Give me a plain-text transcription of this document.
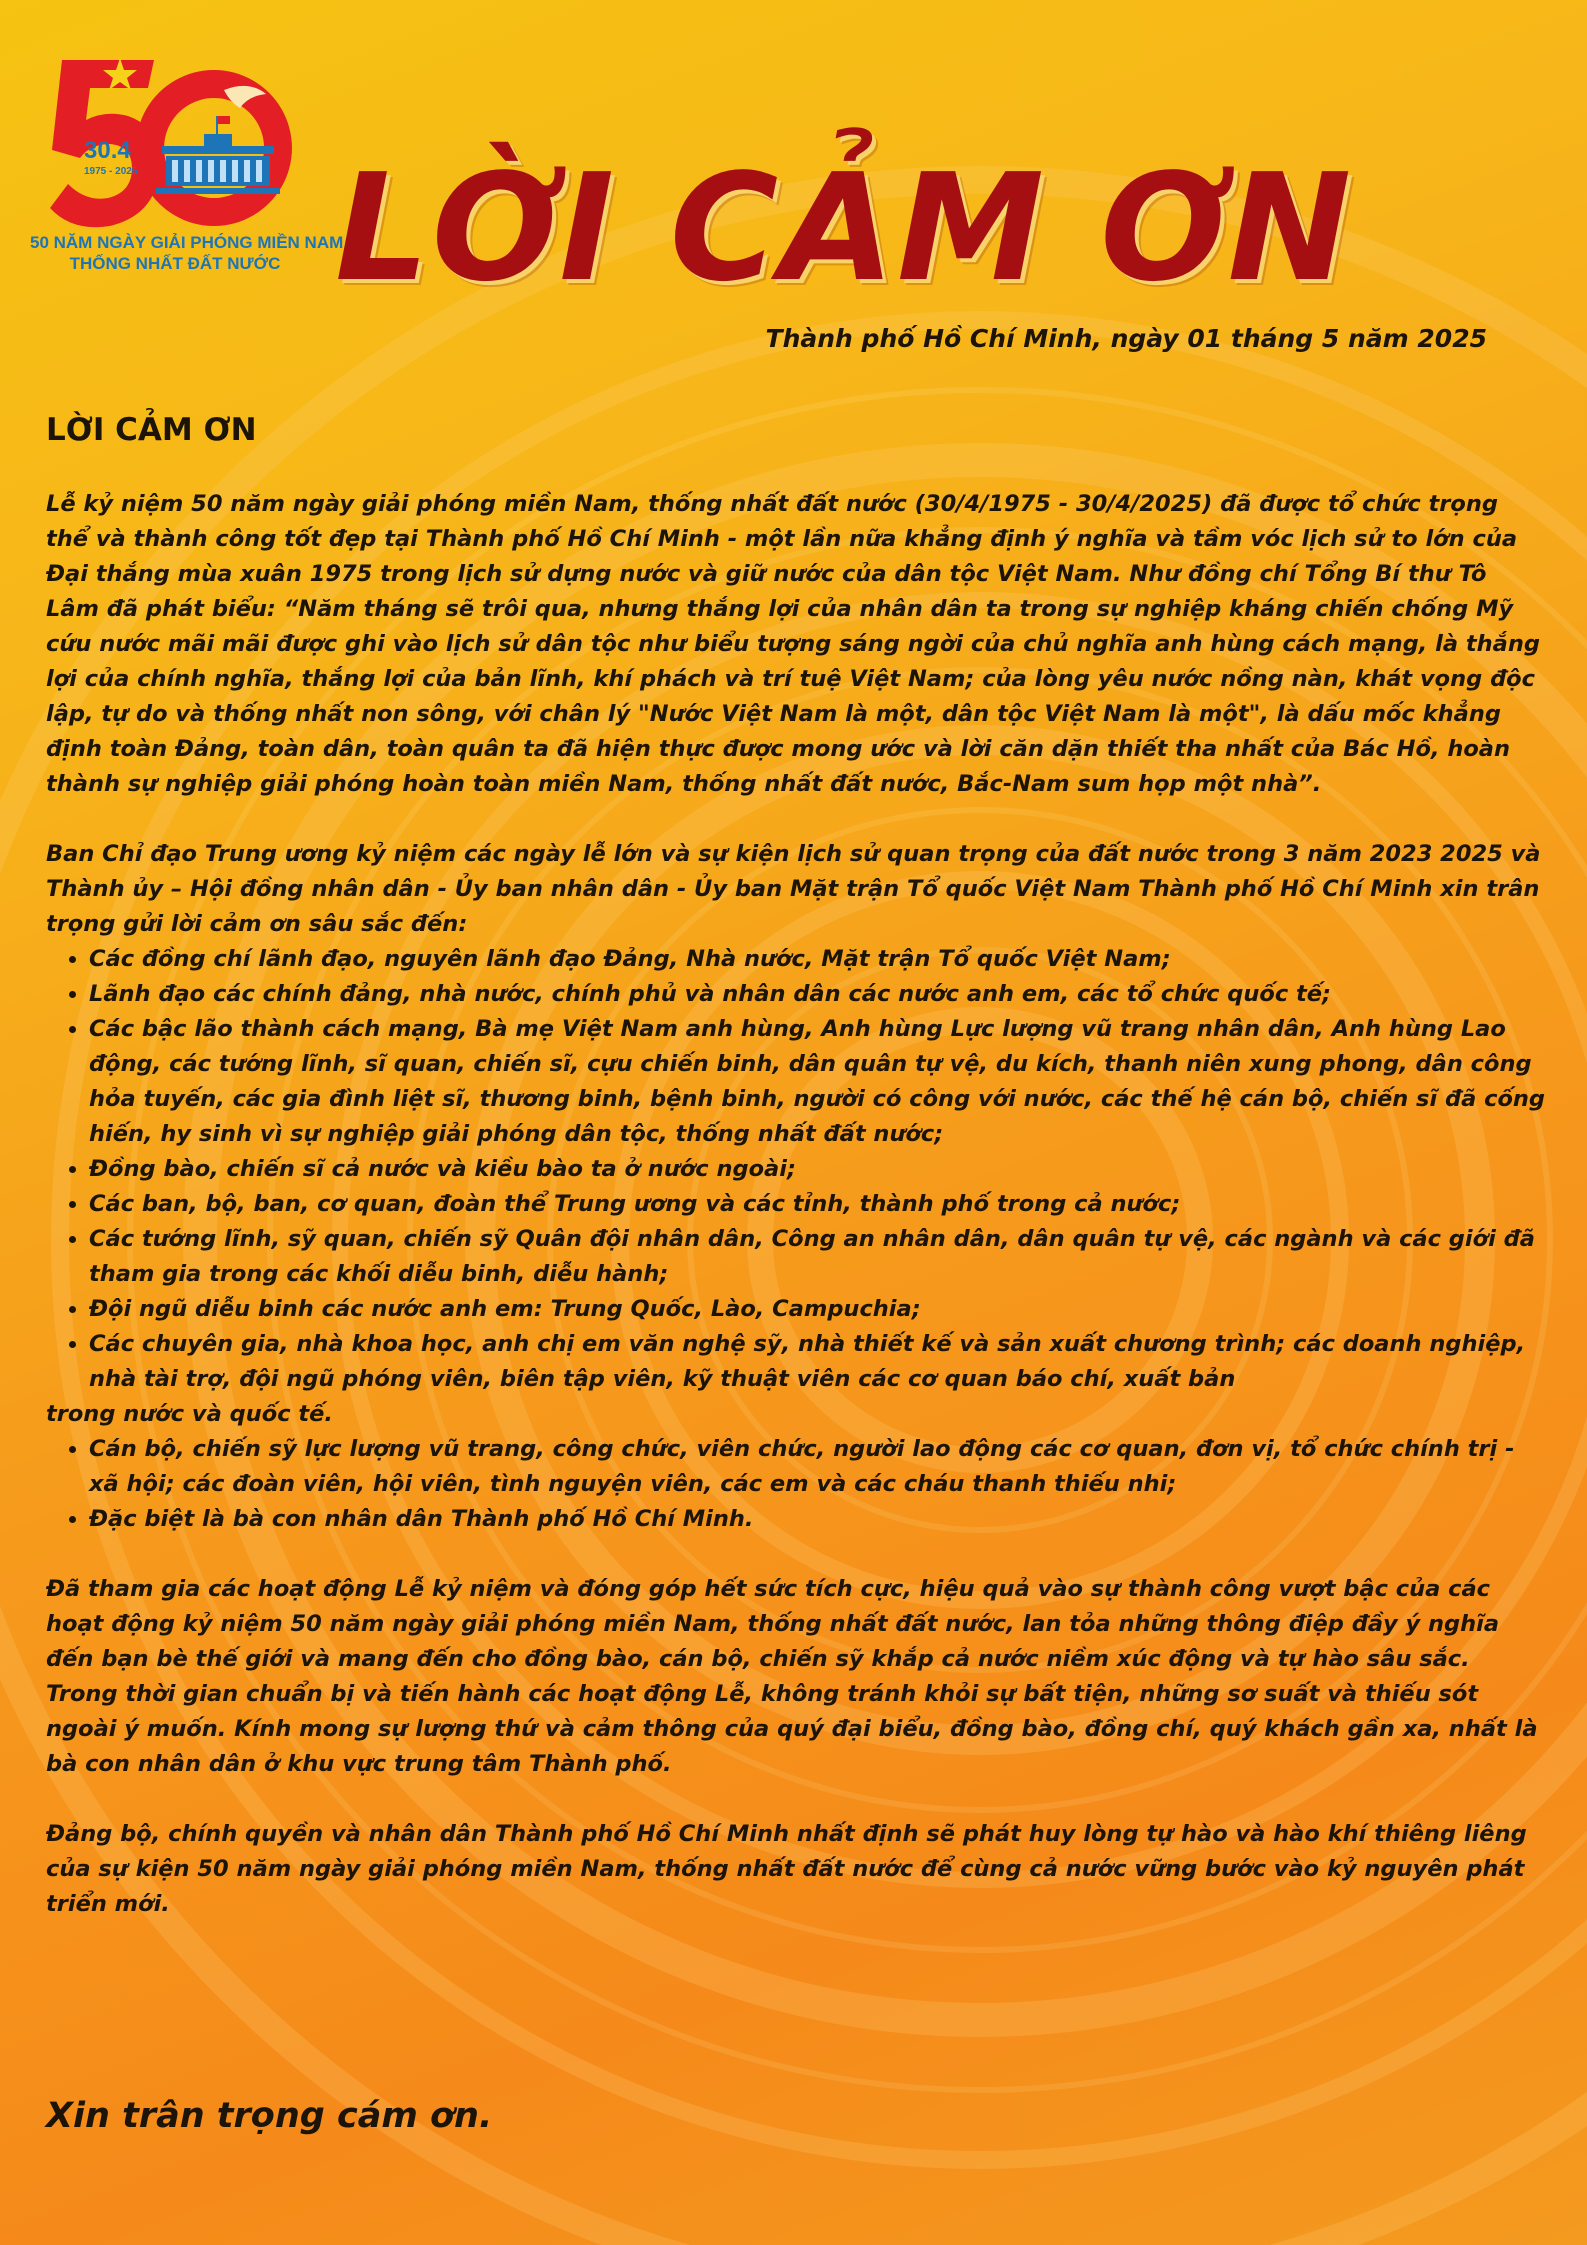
30.4
1975 - 2025
50 NĂM NGÀY GIẢI PHÓNG MIỀN NAM
THỐNG NHẤT ĐẤT NƯỚC LỜI CẢM ƠN
Thành phố Hồ Chí Minh, ngày 01 tháng 5 năm 2025
LỜI CẢM ƠN

Lễ kỷ niệm 50 năm ngày giải phóng miền Nam, thống nhất đất nước (30/4/1975 - 30/4/2025) đã được tổ chức trọng thể và thành công tốt đẹp tại Thành phố Hồ Chí Minh - một lần nữa khẳng định ý nghĩa và tầm vóc lịch sử to lớn của Đại thắng mùa xuân 1975 trong lịch sử dựng nước và giữ nước của dân tộc Việt Nam. Như đồng chí Tổng Bí thư Tô Lâm đã phát biểu: “Năm tháng sẽ trôi qua, nhưng thắng lợi của nhân dân ta trong sự nghiệp kháng chiến chống Mỹ cứu nước mãi mãi được ghi vào lịch sử dân tộc như biểu tượng sáng ngời của chủ nghĩa anh hùng cách mạng, là thắng lợi của chính nghĩa, thắng lợi của bản lĩnh, khí phách và trí tuệ Việt Nam; của lòng yêu nước nồng nàn, khát vọng độc lập, tự do và thống nhất non sông, với chân lý "Nước Việt Nam là một, dân tộc Việt Nam là một", là dấu mốc khẳng định toàn Đảng, toàn dân, toàn quân ta đã hiện thực được mong ước và lời căn dặn thiết tha nhất của Bác Hồ, hoàn thành sự nghiệp giải phóng hoàn toàn miền Nam, thống nhất đất nước, Bắc-Nam sum họp một nhà”.

Ban Chỉ đạo Trung ương kỷ niệm các ngày lễ lớn và sự kiện lịch sử quan trọng của đất nước trong 3 năm 2023 2025 và Thành ủy – Hội đồng nhân dân - Ủy ban nhân dân - Ủy ban Mặt trận Tổ quốc Việt Nam Thành phố Hồ Chí Minh xin trân trọng gửi lời cảm ơn sâu sắc đến:

• Các đồng chí lãnh đạo, nguyên lãnh đạo Đảng, Nhà nước, Mặt trận Tổ quốc Việt Nam;
• Lãnh đạo các chính đảng, nhà nước, chính phủ và nhân dân các nước anh em, các tổ chức quốc tế;
• Các bậc lão thành cách mạng, Bà mẹ Việt Nam anh hùng, Anh hùng Lực lượng vũ trang nhân dân, Anh hùng Lao động, các tướng lĩnh, sĩ quan, chiến sĩ, cựu chiến binh, dân quân tự vệ, du kích, thanh niên xung phong, dân công hỏa tuyến, các gia đình liệt sĩ, thương binh, bệnh binh, người có công với nước, các thế hệ cán bộ, chiến sĩ đã cống hiến, hy sinh vì sự nghiệp giải phóng dân tộc, thống nhất đất nước;
• Đồng bào, chiến sĩ cả nước và kiều bào ta ở nước ngoài;
• Các ban, bộ, ban, cơ quan, đoàn thể Trung ương và các tỉnh, thành phố trong cả nước;
• Các tướng lĩnh, sỹ quan, chiến sỹ Quân đội nhân dân, Công an nhân dân, dân quân tự vệ, các ngành và các giới đã tham gia trong các khối diễu binh, diễu hành;
• Đội ngũ diễu binh các nước anh em: Trung Quốc, Lào, Campuchia;
• Các chuyên gia, nhà khoa học, anh chị em văn nghệ sỹ, nhà thiết kế và sản xuất chương trình; các doanh nghiệp, nhà tài trợ, đội ngũ phóng viên, biên tập viên, kỹ thuật viên các cơ quan báo chí, xuất bản

trong nước và quốc tế.

• Cán bộ, chiến sỹ lực lượng vũ trang, công chức, viên chức, người lao động các cơ quan, đơn vị, tổ chức chính trị - xã hội; các đoàn viên, hội viên, tình nguyện viên, các em và các cháu thanh thiếu nhi;
• Đặc biệt là bà con nhân dân Thành phố Hồ Chí Minh.

Đã tham gia các hoạt động Lễ kỷ niệm và đóng góp hết sức tích cực, hiệu quả vào sự thành công vượt bậc của các hoạt động kỷ niệm 50 năm ngày giải phóng miền Nam, thống nhất đất nước, lan tỏa những thông điệp đầy ý nghĩa đến bạn bè thế giới và mang đến cho đồng bào, cán bộ, chiến sỹ khắp cả nước niềm xúc động và tự hào sâu sắc.

Trong thời gian chuẩn bị và tiến hành các hoạt động Lễ, không tránh khỏi sự bất tiện, những sơ suất và thiếu sót ngoài ý muốn. Kính mong sự lượng thứ và cảm thông của quý đại biểu, đồng bào, đồng chí, quý khách gần xa, nhất là bà con nhân dân ở khu vực trung tâm Thành phố.

Đảng bộ, chính quyền và nhân dân Thành phố Hồ Chí Minh nhất định sẽ phát huy lòng tự hào và hào khí thiêng liêng của sự kiện 50 năm ngày giải phóng miền Nam, thống nhất đất nước để cùng cả nước vững bước vào kỷ nguyên phát triển mới.

Xin trân trọng cám ơn.
